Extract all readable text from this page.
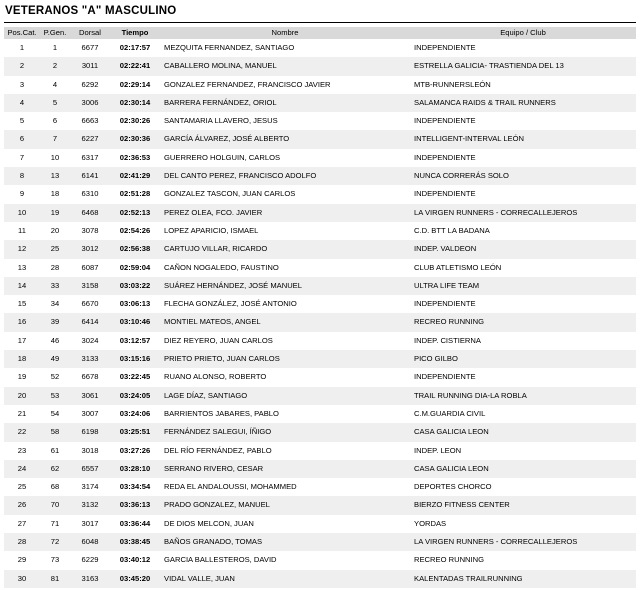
VETERANOS "A" MASCULINO
Pos.Cat.	P.Gen.	Dorsal	Tiempo	Nombre	Equipo / Club
1	1	6677	02:17:57	MEZQUITA FERNANDEZ, SANTIAGO	INDEPENDIENTE
2	2	3011	02:22:41	CABALLERO MOLINA, MANUEL	ESTRELLA GALICIA- TRASTIENDA DEL 13
3	4	6292	02:29:14	GONZALEZ FERNANDEZ, FRANCISCO JAVIER	MTB-RUNNERSLEÓN
4	5	3006	02:30:14	BARRERA FERNÁNDEZ, ORIOL	SALAMANCA RAIDS & TRAIL RUNNERS
5	6	6663	02:30:26	SANTAMARIA LLAVERO, JESUS	INDEPENDIENTE
6	7	6227	02:30:36	GARCÍA ÁLVAREZ, JOSÉ ALBERTO	INTELLIGENT-INTERVAL LEÓN
7	10	6317	02:36:53	GUERRERO HOLGUIN, CARLOS	INDEPENDIENTE
8	13	6141	02:41:29	DEL CANTO PEREZ, FRANCISCO ADOLFO	NUNCA CORRERÁS SOLO
9	18	6310	02:51:28	GONZALEZ TASCON, JUAN CARLOS	INDEPENDIENTE
10	19	6468	02:52:13	PEREZ OLEA, FCO. JAVIER	LA VIRGEN RUNNERS - CORRECALLEJEROS
11	20	3078	02:54:26	LOPEZ APARICIO, ISMAEL	C.D. BTT LA BADANA
12	25	3012	02:56:38	CARTUJO VILLAR, RICARDO	INDEP. VALDEON
13	28	6087	02:59:04	CAÑON NOGALEDO, FAUSTINO	CLUB ATLETISMO LEÓN
14	33	3158	03:03:22	SUÁREZ HERNÁNDEZ, JOSÉ MANUEL	ULTRA LIFE TEAM
15	34	6670	03:06:13	FLECHA GONZÁLEZ, JOSÉ ANTONIO	INDEPENDIENTE
16	39	6414	03:10:46	MONTIEL MATEOS, ANGEL	RECREO RUNNING
17	46	3024	03:12:57	DIEZ REYERO, JUAN CARLOS	INDEP. CISTIERNA
18	49	3133	03:15:16	PRIETO PRIETO, JUAN CARLOS	PICO GILBO
19	52	6678	03:22:45	RUANO ALONSO, ROBERTO	INDEPENDIENTE
20	53	3061	03:24:05	LAGE DÍAZ, SANTIAGO	TRAIL RUNNING DIA-LA ROBLA
21	54	3007	03:24:06	BARRIENTOS JABARES, PABLO	C.M.GUARDIA CIVIL
22	58	6198	03:25:51	FERNÁNDEZ SALEGUI, ÍÑIGO	CASA GALICIA LEON
23	61	3018	03:27:26	DEL RÍO FERNÁNDEZ, PABLO	INDEP. LEON
24	62	6557	03:28:10	SERRANO RIVERO, CESAR	CASA GALICIA LEON
25	68	3174	03:34:54	REDA EL ANDALOUSSI, MOHAMMED	DEPORTES CHORCO
26	70	3132	03:36:13	PRADO GONZALEZ, MANUEL	BIERZO FITNESS CENTER
27	71	3017	03:36:44	DE DIOS MELCON, JUAN	YORDAS
28	72	6048	03:38:45	BAÑOS GRANADO, TOMAS	LA VIRGEN RUNNERS - CORRECALLEJEROS
29	73	6229	03:40:12	GARCIA BALLESTEROS, DAVID	RECREO RUNNING
30	81	3163	03:45:20	VIDAL VALLE, JUAN	KALENTADAS TRAILRUNNING
